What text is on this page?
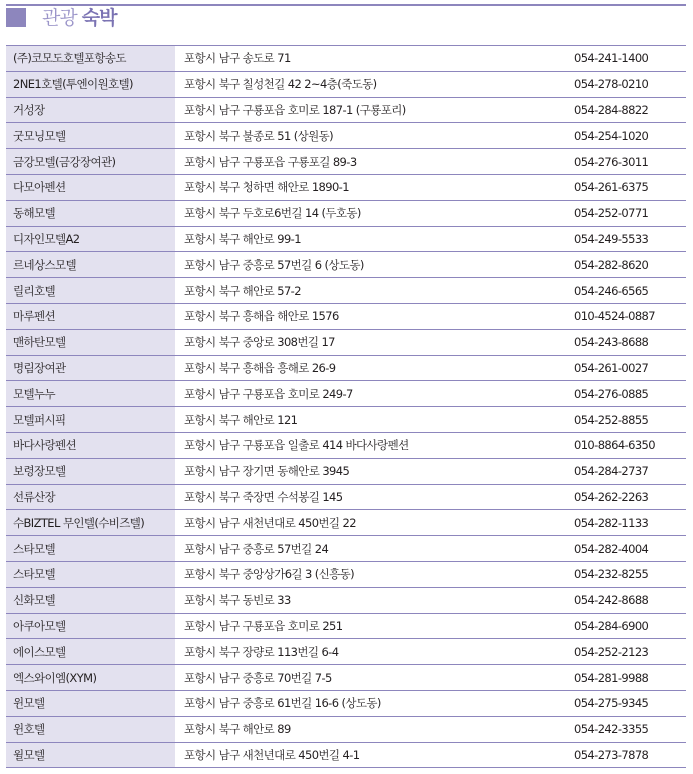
관광 숙박
(주)코모도호텔포항송도	포항시 남구 송도로 71	054-241-1400
2NE1호텔(투엔이원호텔)	포항시 북구 칠성천길 42 2~4층(죽도동)	054-278-0210
거성장	포항시 남구 구룡포읍 호미로 187-1 (구룡포리)	054-284-8822
굿모닝모텔	포항시 북구 불종로 51 (상원동)	054-254-1020
금강모텔(금강장여관)	포항시 남구 구룡포읍 구룡포길 89-3	054-276-3011
다모아펜션	포항시 북구 청하면 해안로 1890-1	054-261-6375
동해모텔	포항시 북구 두호로6번길 14 (두호동)	054-252-0771
디자인모텔A2	포항시 북구 해안로 99-1	054-249-5533
르네상스모텔	포항시 남구 중흥로 57번길 6 (상도동)	054-282-8620
릴리호텔	포항시 북구 해안로 57-2	054-246-6565
마루펜션	포항시 북구 흥해읍 해안로 1576	010-4524-0887
맨하탄모텔	포항시 북구 중앙로 308번길 17	054-243-8688
명림장여관	포항시 북구 흥해읍 흥해로 26-9	054-261-0027
모텔누누	포항시 남구 구룡포읍 호미로 249-7	054-276-0885
모텔퍼시픽	포항시 북구 해안로 121	054-252-8855
바다사랑펜션	포항시 남구 구룡포읍 일출로 414 바다사랑펜션	010-8864-6350
보령장모텔	포항시 남구 장기면 동해안로 3945	054-284-2737
선류산장	포항시 북구 죽장면 수석봉길 145	054-262-2263
수BIZTEL 무인텔(수비즈텔)	포항시 남구 새천년대로 450번길 22	054-282-1133
스타모텔	포항시 남구 중흥로 57번길 24	054-282-4004
스타모텔	포항시 북구 중앙상가6길 3 (신흥동)	054-232-8255
신화모텔	포항시 북구 동빈로 33	054-242-8688
아쿠아모텔	포항시 남구 구룡포읍 호미로 251	054-284-6900
에이스모텔	포항시 북구 장량로 113번길 6-4	054-252-2123
엑스와이엠(XYM)	포항시 남구 중흥로 70번길 7-5	054-281-9988
윈모텔	포항시 남구 중흥로 61번길 16-6 (상도동)	054-275-9345
윈호텔	포항시 북구 해안로 89	054-242-3355
윌모텔	포항시 남구 새천년대로 450번길 4-1	054-273-7878
